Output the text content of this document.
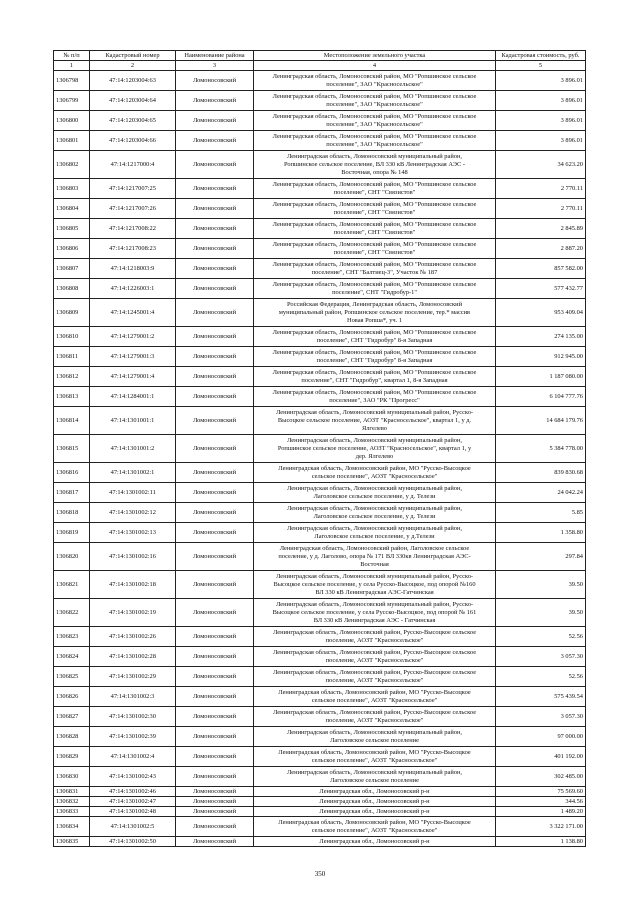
№ п/п	Кадастровый номер	Наименование района	Местоположение земельного участка	Кадастровая стоимость, руб.
1	2	3	4	5
1306798	47:14:1203004:63	Ломоносовский	Ленинградская область, Ломоносовский район, МО "Ропшинское сельское
поселение", ЗАО "Красносельское"	3 896.01
1306799	47:14:1203004:64	Ломоносовский	Ленинградская область, Ломоносовский район, МО "Ропшинское сельское
поселение", ЗАО "Красносельское"	3 896.01
1306800	47:14:1203004:65	Ломоносовский	Ленинградская область, Ломоносовский район, МО "Ропшинское сельское
поселение", ЗАО "Красносельское"	3 896.01
1306801	47:14:1203004:66	Ломоносовский	Ленинградская область, Ломоносовский район, МО "Ропшинское сельское
поселение", ЗАО "Красносельское"	3 896.01
1306802	47:14:1217000:4	Ломоносовский	Ленинградская область, Ломоносовский муниципальный район,
Ропшинское сельское поселение, ВЛ 330 кВ Ленинградская АЭС -
Восточная, опора № 148	34 623.20
1306803	47:14:1217007:25	Ломоносовский	Ленинградская область, Ломоносовский район, МО "Ропшинское сельское
поселение", СНТ "Связистов"	2 770.11
1306804	47:14:1217007:26	Ломоносовский	Ленинградская область, Ломоносовский район, МО "Ропшинское сельское
поселение", СНТ "Связистов"	2 770.11
1306805	47:14:1217008:22	Ломоносовский	Ленинградская область, Ломоносовский район, МО "Ропшинское сельское
поселение", СНТ "Связистов"	2 845.89
1306806	47:14:1217008:23	Ломоносовский	Ленинградская область, Ломоносовский район, МО "Ропшинское сельское
поселение", СНТ "Связистов"	2 887.20
1306807	47:14:1218003:9	Ломоносовский	Ленинградская область, Ломоносовский район, МО "Ропшинское сельское
поселение", СНТ "Балтиец-3", Участок № 187	857 582.00
1306808	47:14:1226003:1	Ломоносовский	Ленинградская область, Ломоносовский район, МО "Ропшинское сельское
поселение", СНТ "Гидробур-1"	577 432.77
1306809	47:14:1245001:4	Ломоносовский	Российская Федерация, Ленинградская область, Ломоносовский
муниципальный район, Ропшинское сельское поселение, тер.* массив
Новая Ропша*, уч. 1	953 409.04
1306810	47:14:1279001:2	Ломоносовский	Ленинградская область, Ломоносовский район, МО "Ропшинское сельское
поселение", СНТ "Гидробур" 8-я Западная	274 135.00
1306811	47:14:1279001:3	Ломоносовский	Ленинградская область, Ломоносовский район, МО "Ропшинское сельское
поселение", СНТ "Гидробур" 8-я Западная	912 945.00
1306812	47:14:1279001:4	Ломоносовский	Ленинградская область, Ломоносовский район, МО "Ропшинское сельское
поселение", СНТ "Гидробур", квартал 1, 8-я Западная	1 187 080.00
1306813	47:14:1284001:1	Ломоносовский	Ленинградская область, Ломоносовский район, МО "Ропшинское сельское
поселение", ЗАО "РК "Прогресс"	6 104 777.76
1306814	47:14:1301001:1	Ломоносовский	Ленинградская область, Ломоносовский муниципальный район, Русско-
Высоцкое сельское поселение, АОЗТ "Красносельское", квартал 1, у д.
Ялгелево	14 684 179.76
1306815	47:14:1301001:2	Ломоносовский	Ленинградская область, Ломоносовский муниципальный район,
Ропшинское сельское поселение, АОЗТ "Красносельское", квартал 1, у
дер. Ялгелево	5 384 778.00
1306816	47:14:1301002:1	Ломоносовский	Ленинградская область, Ломоносовский район, МО "Русско-Высоцкое
сельское поселение", АОЗТ "Красносельское"	839 830.68
1306817	47:14:1301002:11	Ломоносовский	Ленинградская область, Ломоносовский муниципальный район,
Лаголовское сельское поселение, у д. Телези	24 042.24
1306818	47:14:1301002:12	Ломоносовский	Ленинградская область, Ломоносовский муниципальный район,
Лаголовское сельское поселение, у д. Телези	5.85
1306819	47:14:1301002:13	Ломоносовский	Ленинградская область, Ломоносовский муниципальный район,
Лаголовское сельское поселение, у д.Телези	1 358.80
1306820	47:14:1301002:16	Ломоносовский	Ленинградская область, Ломоносовский район, Лаголовское сельское
поселение, у д. Лаголово, опора № 171 ВЛ 330кв Ленинградская АЭС-
Восточная	297.84
1306821	47:14:1301002:18	Ломоносовский	Ленинградская область, Ломоносовский муниципальный район, Русско-
Высоцкое сельское поселение, у села Русско-Высоцкое, под опорой №160
ВЛ 330 кВ Ленинградская АЭС-Гатчинская	39.50
1306822	47:14:1301002:19	Ломоносовский	Ленинградская область, Ломоносовский муниципальный район, Русско-
Высоцкое сельское поселение, у села Русско-Высоцкое, под опорой № 161
ВЛ 330 кВ Ленинградская АЭС - Гатчинская	39.50
1306823	47:14:1301002:26	Ломоносовский	Ленинградская область, Ломоносовский район, Русско-Высоцкое сельское
поселение, АОЗТ "Красносельское"	52.56
1306824	47:14:1301002:28	Ломоносовский	Ленинградская область, Ломоносовский район, Русско-Высоцкое сельское
поселение, АОЗТ "Красносельское"	3 057.30
1306825	47:14:1301002:29	Ломоносовский	Ленинградская область, Ломоносовский район, Русско-Высоцкое сельское
поселение, АОЗТ "Красносельское"	52.56
1306826	47:14:1301002:3	Ломоносовский	Ленинградская область, Ломоносовский район, МО "Русско-Высоцкое
сельское поселение", АОЗТ "Красносельское"	575 439.54
1306827	47:14:1301002:30	Ломоносовский	Ленинградская область, Ломоносовский район, Русско-Высоцкое сельское
поселение, АОЗТ "Красносельское"	3 057.30
1306828	47:14:1301002:39	Ломоносовский	Ленинградская область, Ломоносовский муниципальный район,
Лаголовское сельское поселение	97 000.00
1306829	47:14:1301002:4	Ломоносовский	Ленинградская область, Ломоносовский район, МО "Русско-Высоцкое
сельское поселение", АОЗТ "Красносельское"	401 192.00
1306830	47:14:1301002:43	Ломоносовский	Ленинградская область, Ломоносовский муниципальный район,
Лаголовское сельское поселение	302 485.00
1306831	47:14:1301002:46	Ломоносовский	Ленинградская обл., Ломоносовский р-н	75 569.60
1306832	47:14:1301002:47	Ломоносовский	Ленинградская обл., Ломоносовский р-н	344.56
1306833	47:14:1301002:48	Ломоносовский	Ленинградская обл., Ломоносовский р-н	1 489.20
1306834	47:14:1301002:5	Ломоносовский	Ленинградская область, Ломоносовский район, МО "Русско-Высоцкое
сельское поселение", АОЗТ "Красносельское"	3 322 171.00
1306835	47:14:1301002:50	Ломоносовский	Ленинградская обл., Ломоносовский р-н	1 138.80
350
